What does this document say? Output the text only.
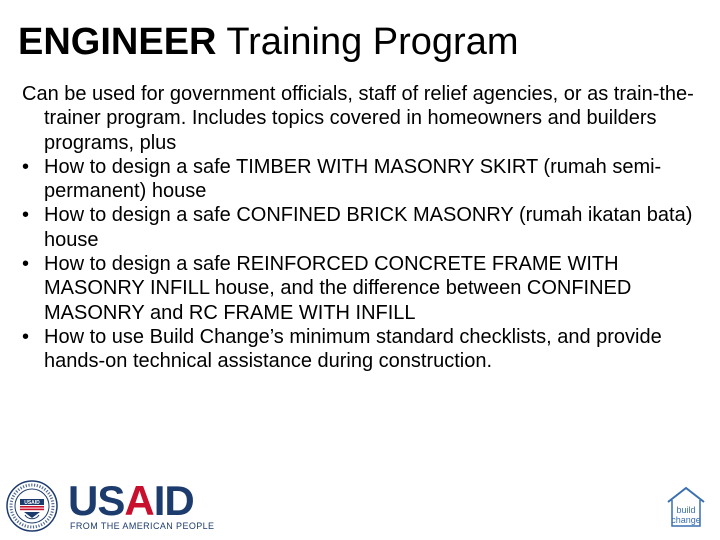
ENGINEER Training Program

Can be used for government officials, staff of relief agencies, or as train-the-trainer program. Includes topics covered in homeowners and builders programs, plus

• How to design a safe TIMBER WITH MASONRY SKIRT (rumah semi-permanent) house
• How to design a safe CONFINED BRICK MASONRY (rumah ikatan bata) house
• How to design a safe REINFORCED CONCRETE FRAME WITH MASONRY INFILL house, and the difference between CONFINED MASONRY and RC FRAME WITH INFILL
• How to use Build Change’s minimum standard checklists, and provide hands-on technical assistance during construction.
USAID USAID
FROM THE AMERICAN PEOPLE
build
change
